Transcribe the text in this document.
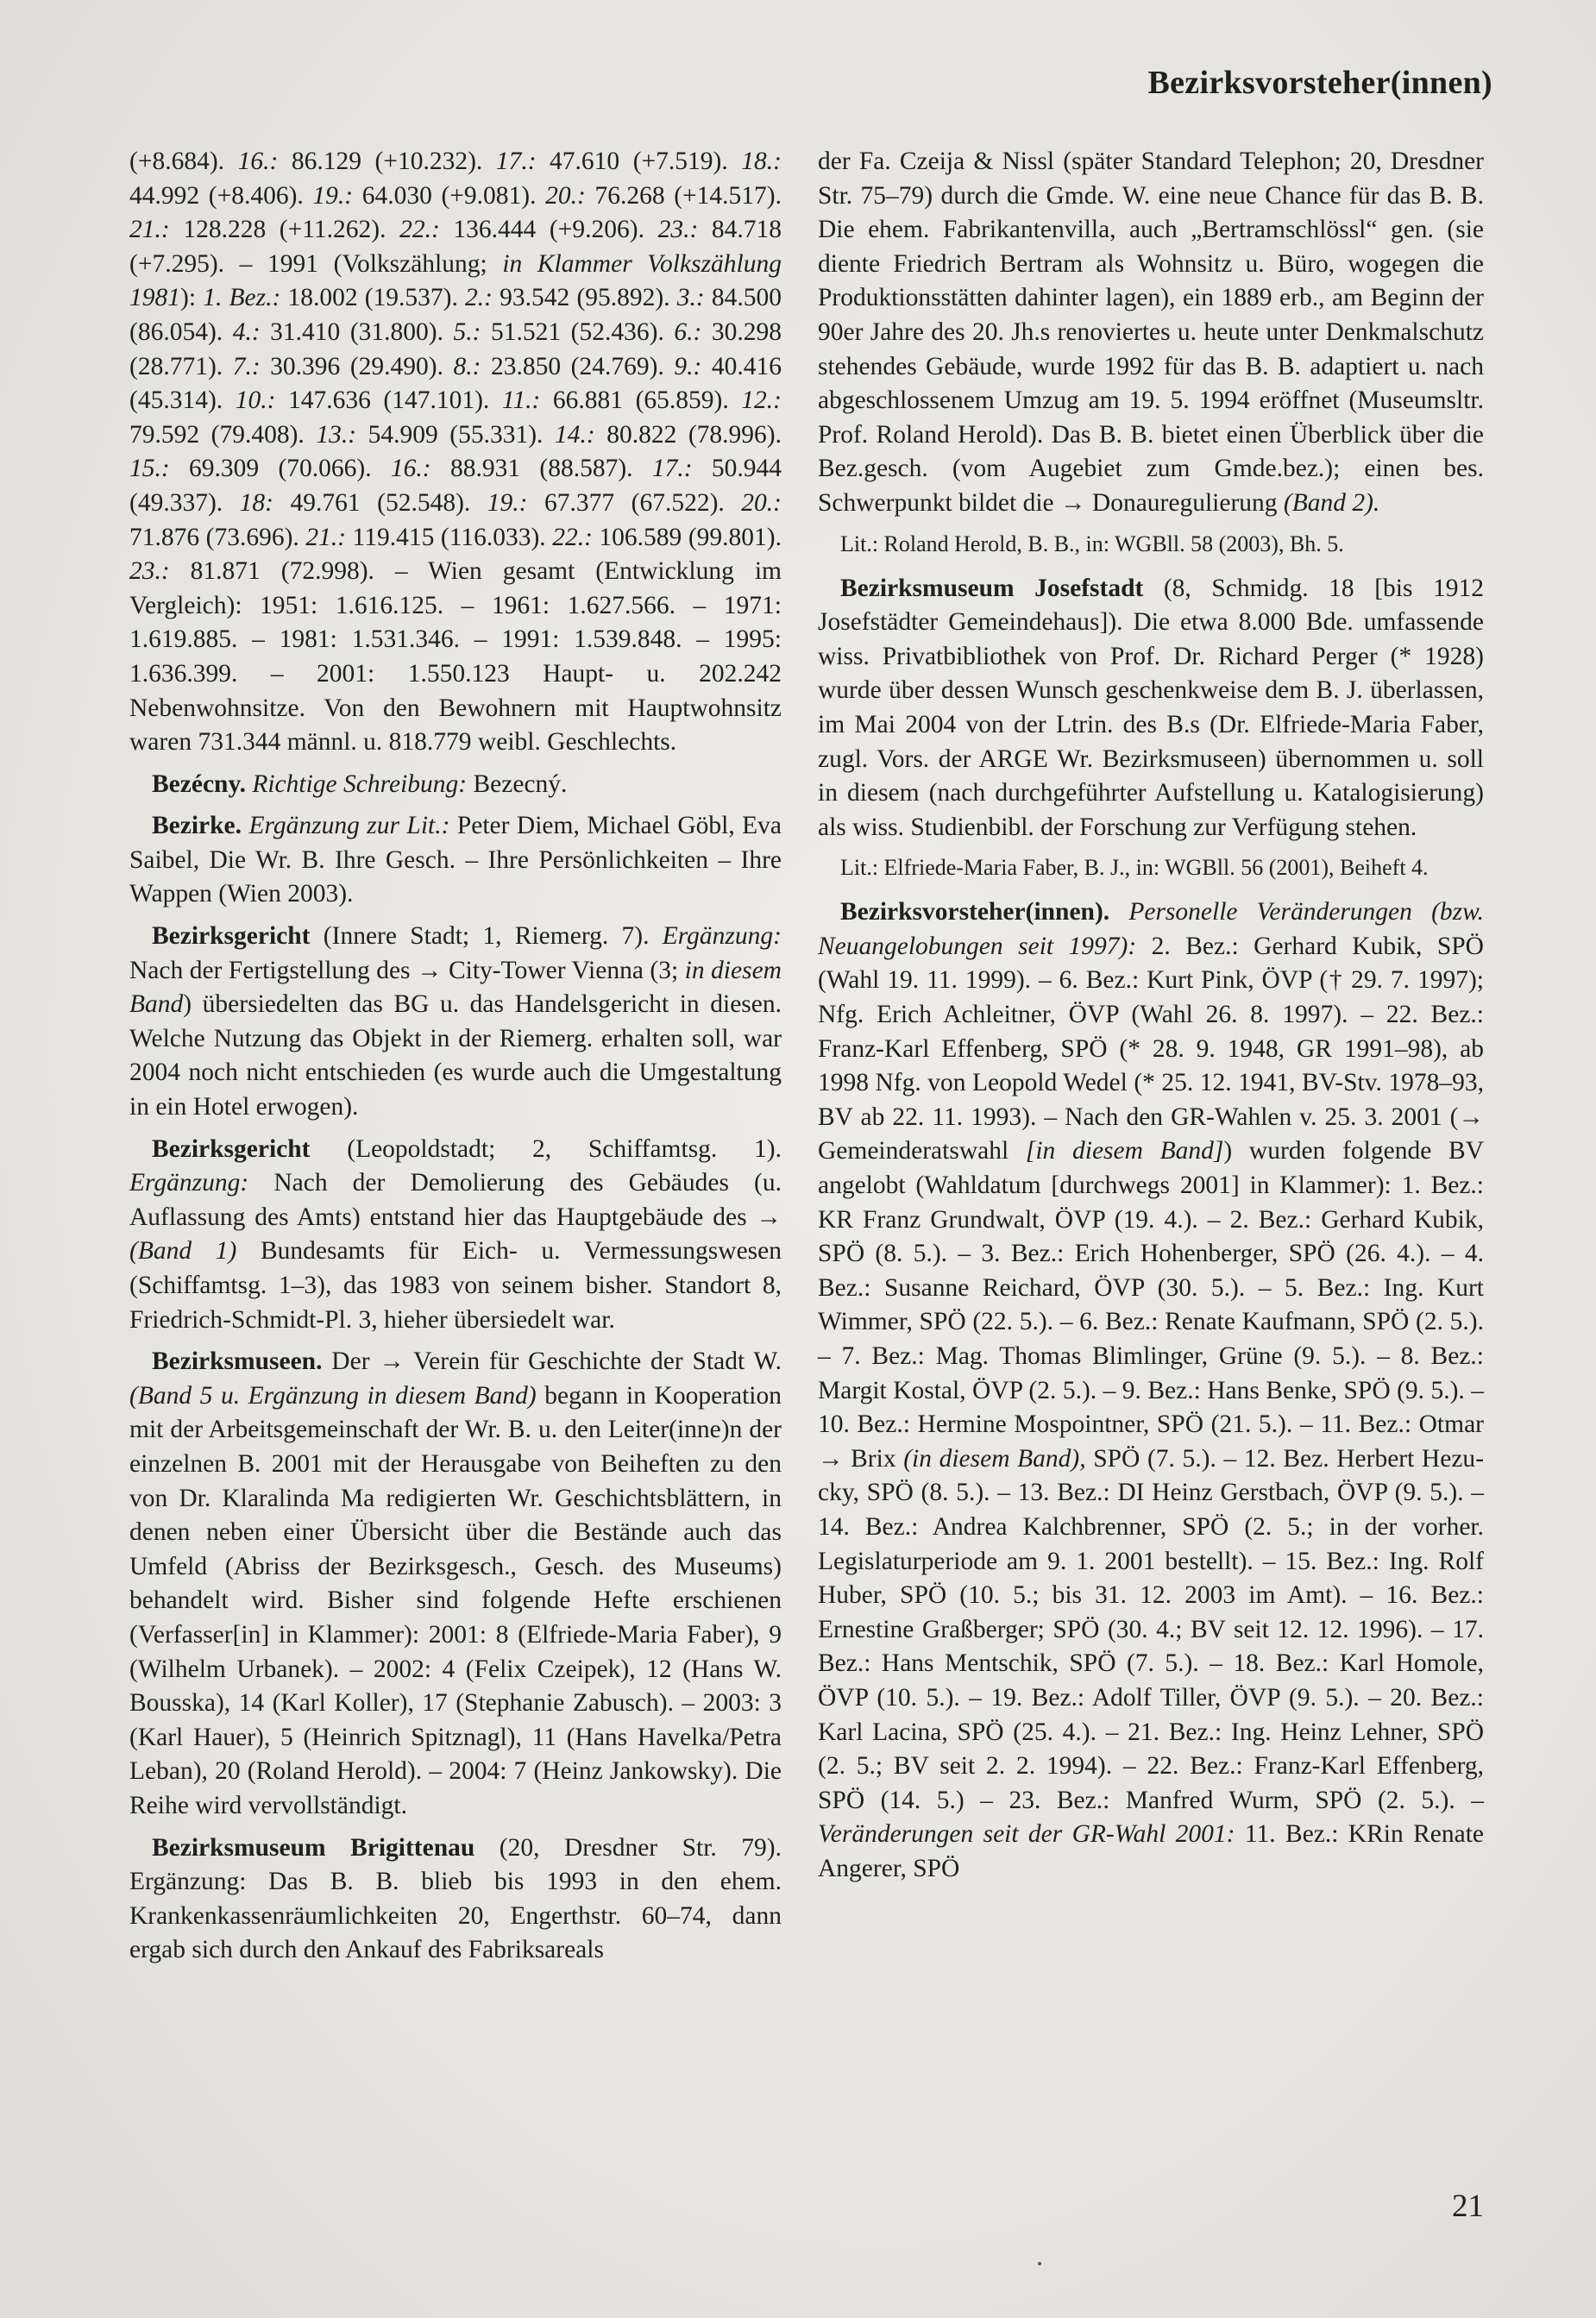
Bezirksvorsteher(innen)

(+8.684). 16.: 86.129 (+10.232). 17.: 47.610 (+7.519). 18.: 44.992 (+8.406). 19.: 64.030 (+9.081). 20.: 76.268 (+14.517). 21.: 128.228 (+11.262). 22.: 136.444 (+9.206). 23.: 84.718 (+7.295). – 1991 (Volkszählung; in Klammer Volkszählung 1981): 1. Bez.: 18.002 (19.537). 2.: 93.542 (95.892). 3.: 84.500 (86.054). 4.: 31.410 (31.800). 5.: 51.521 (52.436). 6.: 30.298 (28.771). 7.: 30.396 (29.490). 8.: 23.850 (24.769). 9.: 40.416 (45.314). 10.: 147.636 (147.101). 11.: 66.881 (65.859). 12.: 79.592 (79.408). 13.: 54.909 (55.331). 14.: 80.822 (78.996). 15.: 69.309 (70.066). 16.: 88.931 (88.587). 17.: 50.944 (49.337). 18: 49.761 (52.548). 19.: 67.377 (67.522). 20.: 71.876 (73.696). 21.: 119.415 (116.033). 22.: 106.589 (99.801). 23.: 81.871 (72.998). – Wien gesamt (Entwicklung im Vergleich): 1951: 1.616.125. – 1961: 1.627.566. – 1971: 1.619.885. – 1981: 1.531.346. – 1991: 1.539.848. – 1995: 1.636.399. – 2001: 1.550.123 Haupt- u. 202.242 Nebenwohnsitze. Von den Bewohnern mit Hauptwohnsitz waren 731.344 männl. u. 818.779 weibl. Geschlechts.

Bezécny. Richtige Schreibung: Bezecný.

Bezirke. Ergänzung zur Lit.: Peter Diem, Michael Göbl, Eva Saibel, Die Wr. B. Ihre Gesch. – Ihre Persönlichkeiten – Ihre Wappen (Wien 2003).

Bezirksgericht (Innere Stadt; 1, Riemerg. 7). Ergänzung: Nach der Fertigstellung des → City-Tower Vienna (3; in diesem Band) übersiedelten das BG u. das Handelsgericht in diesen. Welche Nutzung das Objekt in der Riemerg. erhalten soll, war 2004 noch nicht entschieden (es wurde auch die Umgestaltung in ein Hotel erwogen).

Bezirksgericht (Leopoldstadt; 2, Schiffamtsg. 1). Ergänzung: Nach der Demolierung des Gebäudes (u. Auflassung des Amts) entstand hier das Hauptgebäude des → (Band 1) Bundesamts für Eich- u. Vermessungswesen (Schiffamtsg. 1–3), das 1983 von seinem bisher. Standort 8, Friedrich-Schmidt-Pl. 3, hieher übersiedelt war.

Bezirksmuseen. Der → Verein für Geschichte der Stadt W. (Band 5 u. Ergänzung in diesem Band) begann in Kooperation mit der Arbeitsgemeinschaft der Wr. B. u. den Leiter(inne)n der einzelnen B. 2001 mit der Herausgabe von Beiheften zu den von Dr. Klaralinda Ma redigierten Wr. Geschichtsblättern, in denen neben einer Übersicht über die Bestände auch das Umfeld (Abriss der Bezirksgesch., Gesch. des Museums) behandelt wird. Bisher sind folgende Hefte erschienen (Verfasser[in] in Klammer): 2001: 8 (Elfriede-Maria Faber), 9 (Wilhelm Urbanek). – 2002: 4 (Felix Czeipek), 12 (Hans W. Bousska), 14 (Karl Koller), 17 (Stephanie Zabusch). – 2003: 3 (Karl Hauer), 5 (Heinrich Spitznagl), 11 (Hans Havelka/Petra Leban), 20 (Roland Herold). – 2004: 7 (Heinz Jankowsky). Die Reihe wird vervollständigt.

Bezirksmuseum Brigittenau (20, Dresdner Str. 79). Ergänzung: Das B. B. blieb bis 1993 in den ehem. Krankenkassenräumlichkeiten 20, Engerthstr. 60–74, dann ergab sich durch den Ankauf des Fabriksareals

der Fa. Czeija & Nissl (später Standard Telephon; 20, Dresdner Str. 75–79) durch die Gmde. W. eine neue Chance für das B. B. Die ehem. Fabrikantenvilla, auch „Bertramschlössl“ gen. (sie diente Friedrich Bertram als Wohnsitz u. Büro, wogegen die Produktionsstätten dahinter lagen), ein 1889 erb., am Beginn der 90er Jahre des 20. Jh.s renoviertes u. heute unter Denkmalschutz stehendes Gebäude, wurde 1992 für das B. B. adaptiert u. nach abgeschlossenem Umzug am 19. 5. 1994 eröffnet (Museumsltr. Prof. Roland Herold). Das B. B. bietet einen Überblick über die Bez.gesch. (vom Augebiet zum Gmde.bez.); einen bes. Schwerpunkt bildet die → Donauregulierung (Band 2).

Lit.: Roland Herold, B. B., in: WGBll. 58 (2003), Bh. 5.

Bezirksmuseum Josefstadt (8, Schmidg. 18 [bis 1912 Josefstädter Gemeindehaus]). Die etwa 8.000 Bde. umfassende wiss. Privatbibliothek von Prof. Dr. Richard Perger (* 1928) wurde über dessen Wunsch geschenkweise dem B. J. überlassen, im Mai 2004 von der Ltrin. des B.s (Dr. Elfriede-Maria Faber, zugl. Vors. der ARGE Wr. Bezirksmuseen) übernommen u. soll in diesem (nach durchgeführter Aufstellung u. Katalogisierung) als wiss. Studienbibl. der Forschung zur Verfügung stehen.

Lit.: Elfriede-Maria Faber, B. J., in: WGBll. 56 (2001), Beiheft 4.

Bezirksvorsteher(innen). Personelle Veränderungen (bzw. Neuangelobungen seit 1997): 2. Bez.: Gerhard Kubik, SPÖ (Wahl 19. 11. 1999). – 6. Bez.: Kurt Pink, ÖVP († 29. 7. 1997); Nfg. Erich Achleitner, ÖVP (Wahl 26. 8. 1997). – 22. Bez.: Franz-Karl Effenberg, SPÖ (* 28. 9. 1948, GR 1991–98), ab 1998 Nfg. von Leopold Wedel (* 25. 12. 1941, BV-Stv. 1978–93, BV ab 22. 11. 1993). – Nach den GR-Wahlen v. 25. 3. 2001 (→ Gemeinderatswahl [in diesem Band]) wurden folgende BV angelobt (Wahldatum [durchwegs 2001] in Klammer): 1. Bez.: KR Franz Grundwalt, ÖVP (19. 4.). – 2. Bez.: Gerhard Kubik, SPÖ (8. 5.). – 3. Bez.: Erich Hohenberger, SPÖ (26. 4.). – 4. Bez.: Susanne Reichard, ÖVP (30. 5.). – 5. Bez.: Ing. Kurt Wimmer, SPÖ (22. 5.). – 6. Bez.: Renate Kaufmann, SPÖ (2. 5.). – 7. Bez.: Mag. Thomas Blimlinger, Grüne (9. 5.). – 8. Bez.: Margit Kostal, ÖVP (2. 5.). – 9. Bez.: Hans Benke, SPÖ (9. 5.). – 10. Bez.: Hermine Mospointner, SPÖ (21. 5.). – 11. Bez.: Otmar → Brix (in diesem Band), SPÖ (7. 5.). – 12. Bez. Herbert Hezucky, SPÖ (8. 5.). – 13. Bez.: DI Heinz Gerstbach, ÖVP (9. 5.). – 14. Bez.: Andrea Kalchbrenner, SPÖ (2. 5.; in der vorher. Legislaturperiode am 9. 1. 2001 bestellt). – 15. Bez.: Ing. Rolf Huber, SPÖ (10. 5.; bis 31. 12. 2003 im Amt). – 16. Bez.: Ernestine Graßberger; SPÖ (30. 4.; BV seit 12. 12. 1996). – 17. Bez.: Hans Mentschik, SPÖ (7. 5.). – 18. Bez.: Karl Homole, ÖVP (10. 5.). – 19. Bez.: Adolf Tiller, ÖVP (9. 5.). – 20. Bez.: Karl Lacina, SPÖ (25. 4.). – 21. Bez.: Ing. Heinz Lehner, SPÖ (2. 5.; BV seit 2. 2. 1994). – 22. Bez.: Franz-Karl Effenberg, SPÖ (14. 5.) – 23. Bez.: Manfred Wurm, SPÖ (2. 5.). – Veränderungen seit der GR-Wahl 2001: 11. Bez.: KRin Renate Angerer, SPÖ

21
